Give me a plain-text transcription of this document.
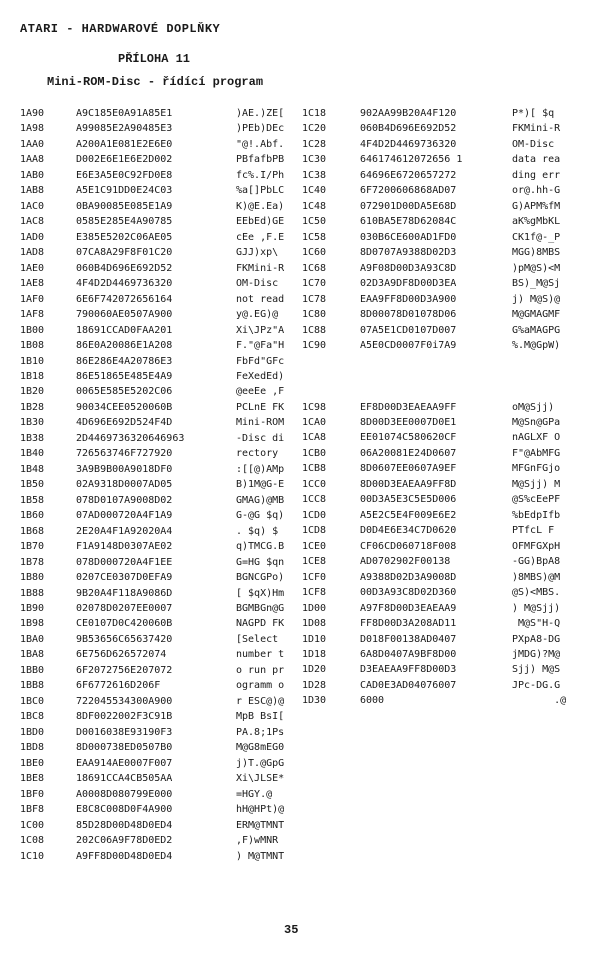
ATARI - HARDWAROVÉ DOPLŇKY
PŘÍLOHA 11
Mini-ROM-Disc - řídící program
1A90	A9C185E0A91A85E1	)AE.)ZE[
1A98	A99085E2A90485E3	)PEb)DEc
1AA0	A200A1E081E2E6E0	"@!.Abf.
1AA8	D002E6E1E6E2D002	PBfafbPB
1AB0	E6E3A5E0C92FD0E8	fc%.I/Ph
1AB8	A5E1C91DD0E24C03	%a[]PbLC
1AC0	0BA90085E085E1A9	K)@E.Ea)
1AC8	0585E285E4A90785	EEbEd)GE
1AD0	E385E5202C06AE05	cEe ,F.E
1AD8	07CA8A29F8F01C20	GJJ)xp\
1AE0	060B4D696E692D52	FKMini-R
1AE8	4F4D2D4469736320	OM-Disc
1AF0	6E6F742072656164	not read
1AF8	790060AE0507A900	y@.EG)@
1B00	18691CCAD0FAA201	Xi\JPz"A
1B08	86E0A20086E1A208	F."@Fa"H
1B10	86E286E4A20786E3	FbFd"GFc
1B18	86E51865E485E4A9	FeXedEd)
1B20	0065E585E5202C06	@eeEe ,F
1B28	90034CEE0520060B	PCLnE FK
1B30	4D696E692D524F4D	Mini-ROM
1B38	2D4469736320646963	-Disc di
1B40	726563746F727920	rectory
1B48	3A9B9B00A9018DF0	:[[@)AMp
1B50	02A9318D0007AD05	B)1M@G-E
1B58	078D0107A9008D02	GMAG)@MB
1B60	07AD000720A4F1A9	G-@G $q)
1B68	2E20A4F1A92020A4	. $q) $
1B70	F1A9148D0307AE02	q)TMCG.B
1B78	078D000720A4F1EE	G=HG $qn
1B80	0207CE0307D0EFA9	BGNCGPo)
1B88	9B20A4F118A9086D	[ $qX)Hm
1B90	02078D0207EE0007	BGMBGn@G
1B98	CE0107D0C420060B	NAGPD FK
1BA0	9B53656C65637420	[Select
1BA8	6E756D626572074	number t
1BB0	6F2072756E207072	o run pr
1BB8	6F6772616D206F	ogramm o
1BC0	722045534300A900	r ESC@)@
1BC8	8DF0022002F3C91B	MpB BsI[
1BD0	D0016038E93190F3	PA.8;1Ps
1BD8	8D000738ED0507B0	M@G8mEG0
1BE0	EAA914AE0007F007	j)T.@GpG
1BE8	18691CCA4CB505AA	Xi\JLSE*
1BF0	A0008D080799E000	=HGY.@
1BF8	E8C8C008D0F4A900	hH@HPt)@
1C00	85D28D00D48D0ED4	ERM@TMNT
1C08	202C06A9F78D0ED2	,F)wMNR
1C10	A9FF8D00D48D0ED4	) M@TMNT
1C18	902AA99B20A4F120	P*)[ $q
1C20	060B4D696E692D52	FKMini-R
1C28	4F4D2D4469736320	OM-Disc
1C30	646174612072656 1	data rea
1C38	64696E6720657272	ding err
1C40	6F7200606868AD07	or@.hh-G
1C48	072901D00DA5E68D	G)APM%fM
1C50	610BA5E78D62084C	aK%gMbKL
1C58	030B6CE600AD1FD0	CK1f@-_P
1C60	8D0707A9388D02D3	MGG)8MBS
1C68	A9F08D00D3A93C8D	)pM@S)<M
1C70	02D3A9DF8D00D3EA	BS)_M@Sj
1C78	EAA9FF8D00D3A900	j) M@S)@
1C80	8D00078D01078D06	M@GMAGMF
1C88	07A5E1CD0107D007	G%aMAGPG
1C90	A5E0CD0007F0i7A9	%.M@GpW)
1C98	EF8D00D3EAEAA9FF	oM@Sjj)
1CA0	8D00D3EE0007D0E1	M@Sn@GPa
1CA8	EE01074C580620CF	nAGLXF O
1CB0	06A20081E24D0607	F"@AbMFG
1CB8	8D0607EE0607A9EF	MFGnFGjo
1CC0	8D00D3EAEAA9FF8D	M@Sjj) M
1CC8	00D3A5E3C5E5D006	@S%cEePF
1CD0	A5E2C5E4F009E6E2	%bEdpIfb
1CD8	D0D4E6E34C7D0620	PTfcL F
1CE0	CF06CD060718F008	OFMFGXpH
1CE8	AD0702902F00138	-GG)BpA8
1CF0	A9388D02D3A9008D	)8MBS)@M
1CF8	00D3A93C8D02D360	@S)<MBS.
1D00	A97F8D00D3EAEAA9	) M@Sjj)
1D08	FF8D00D3A208AD11	M@S"H-Q
1D10	D018F00138AD0407	PXpA8-DG
1D18	6A8D0407A9BF8D00	jMDG)?M@
1D20	D3EAEAA9FF8D00D3	Sjj) M@S
1D28	CAD0E3AD04076007	JPc-DG.G
1D30	6000	.@
35
